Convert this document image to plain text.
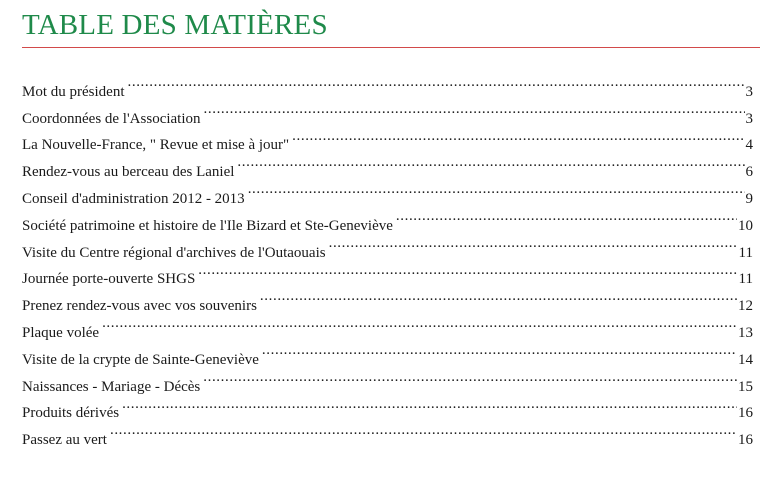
TABLE DES MATIÈRES
Mot du président .....	3
Coordonnées de l'Association .....	3
La Nouvelle-France, " Revue et mise à jour" .....	4
Rendez-vous au berceau des Laniel .....	6
Conseil d'administration 2012 - 2013 .....	9
Société patrimoine et histoire de l'Ile Bizard et Ste-Geneviève .....	10
Visite du Centre régional d'archives de l'Outaouais .....	11
Journée porte-ouverte SHGS .....	11
Prenez rendez-vous avec vos souvenirs .....	12
Plaque volée .....	13
Visite de la crypte de Sainte-Geneviève .....	14
Naissances - Mariage - Décès .....	15
Produits dérivés .....	16
Passez au vert .....	16
